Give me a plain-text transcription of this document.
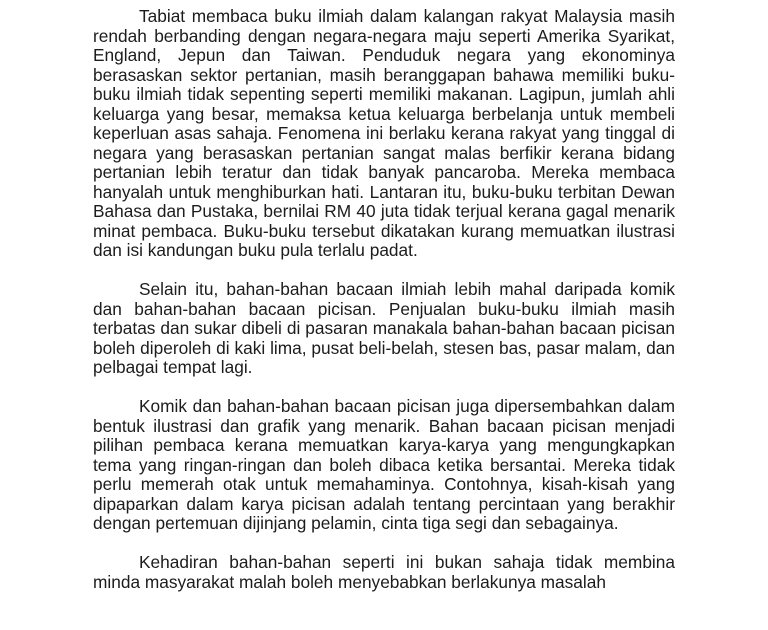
Tabiat membaca buku ilmiah dalam kalangan rakyat Malaysia masih rendah berbanding dengan negara-negara maju seperti Amerika Syarikat, England, Jepun dan Taiwan. Penduduk negara yang ekonominya berasaskan sektor pertanian, masih beranggapan bahawa memiliki buku-buku ilmiah tidak sepenting seperti memiliki makanan. Lagipun, jumlah ahli keluarga yang besar, memaksa ketua keluarga berbelanja untuk membeli keperluan asas sahaja. Fenomena ini berlaku kerana rakyat yang tinggal di negara yang berasaskan pertanian sangat malas berfikir kerana bidang pertanian lebih teratur dan tidak banyak pancaroba. Mereka membaca hanyalah untuk menghiburkan hati. Lantaran itu, buku-buku terbitan Dewan Bahasa dan Pustaka, bernilai RM 40 juta tidak terjual kerana gagal menarik minat pembaca. Buku-buku tersebut dikatakan kurang memuatkan ilustrasi dan isi kandungan buku pula terlalu padat.

Selain itu, bahan-bahan bacaan ilmiah lebih mahal daripada komik dan bahan-bahan bacaan picisan. Penjualan buku-buku ilmiah masih terbatas dan sukar dibeli di pasaran manakala bahan-bahan bacaan picisan boleh diperoleh di kaki lima, pusat beli-belah, stesen bas, pasar malam, dan pelbagai tempat lagi.

Komik dan bahan-bahan bacaan picisan juga dipersembahkan dalam bentuk ilustrasi dan grafik yang menarik. Bahan bacaan picisan menjadi pilihan pembaca kerana memuatkan karya-karya yang mengungkapkan tema yang ringan-ringan dan boleh dibaca ketika bersantai. Mereka tidak perlu memerah otak untuk memahaminya. Contohnya, kisah-kisah yang dipaparkan dalam karya picisan adalah tentang percintaan yang berakhir dengan pertemuan dijinjang pelamin, cinta tiga segi dan sebagainya.

Kehadiran bahan-bahan seperti ini bukan sahaja tidak membina minda masyarakat malah boleh menyebabkan berlakunya masalah
